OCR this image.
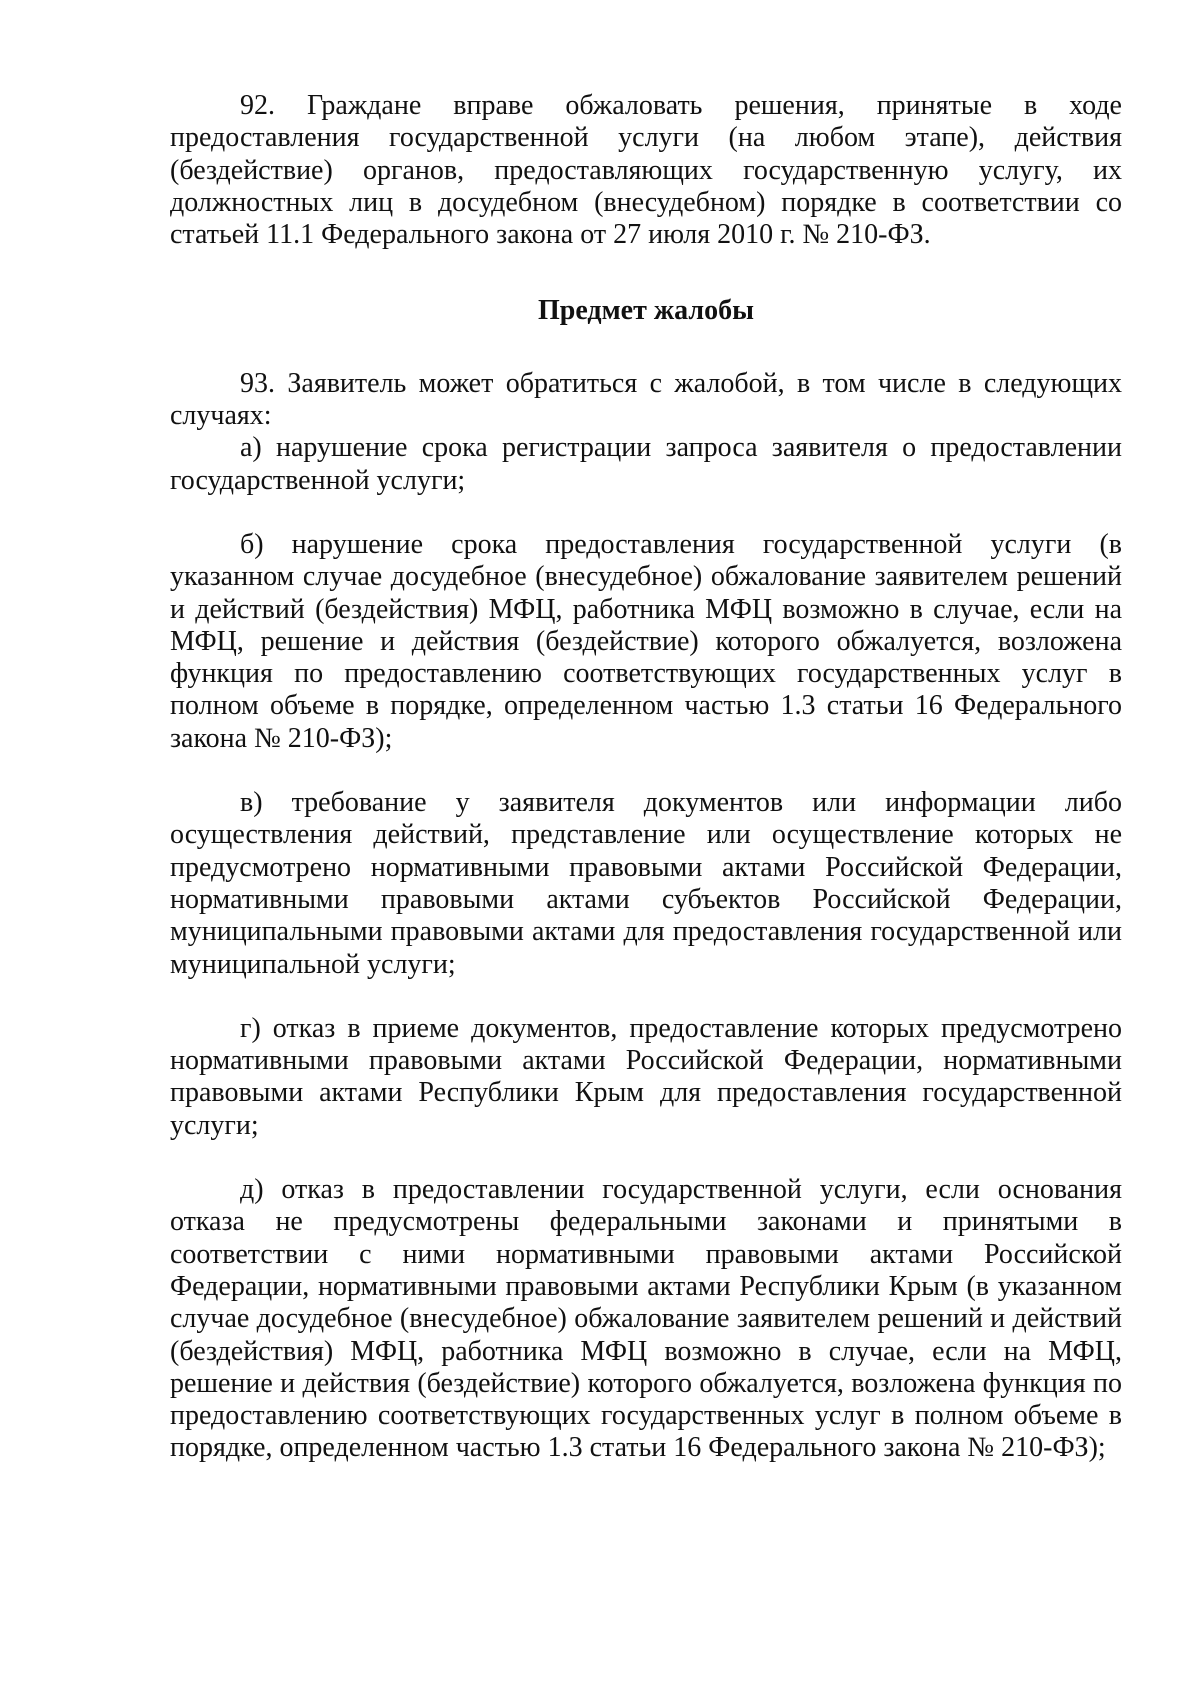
92. Граждане вправе обжаловать решения, принятые в ходе предоставления государственной услуги (на любом этапе), действия (бездействие) органов, предоставляющих государственную услугу, их должностных лиц в досудебном (внесудебном) порядке в соответствии со статьей 11.1 Федерального закона от 27 июля 2010 г. № 210-ФЗ.

Предмет жалобы

93. Заявитель может обратиться с жалобой, в том числе в следующих случаях:

а) нарушение срока регистрации запроса заявителя о предоставлении государственной услуги;

б) нарушение срока предоставления государственной услуги (в указанном случае досудебное (внесудебное) обжалование заявителем решений и действий (бездействия) МФЦ, работника МФЦ возможно в случае, если на МФЦ, решение и действия (бездействие) которого обжалуется, возложена функция по предоставлению соответствующих государственных услуг в полном объеме в порядке, определенном частью 1.3 статьи 16 Федерального закона № 210-ФЗ);

в) требование у заявителя документов или информации либо осуществления действий, представление или осуществление которых не предусмотрено нормативными правовыми актами Российской Федерации, нормативными правовыми актами субъектов Российской Федерации, муниципальными правовыми актами для предоставления государственной или муниципальной услуги;

г) отказ в приеме документов, предоставление которых предусмотрено нормативными правовыми актами Российской Федерации, нормативными правовыми актами Республики Крым для предоставления государственной услуги;

д) отказ в предоставлении государственной услуги, если основания отказа не предусмотрены федеральными законами и принятыми в соответствии с ними нормативными правовыми актами Российской Федерации, нормативными правовыми актами Республики Крым (в указанном случае досудебное (внесудебное) обжалование заявителем решений и действий (бездействия) МФЦ, работника МФЦ возможно в случае, если на МФЦ, решение и действия (бездействие) которого обжалуется, возложена функция по предоставлению соответствующих государственных услуг в полном объеме в порядке, определенном частью 1.3 статьи 16 Федерального закона № 210-ФЗ);
